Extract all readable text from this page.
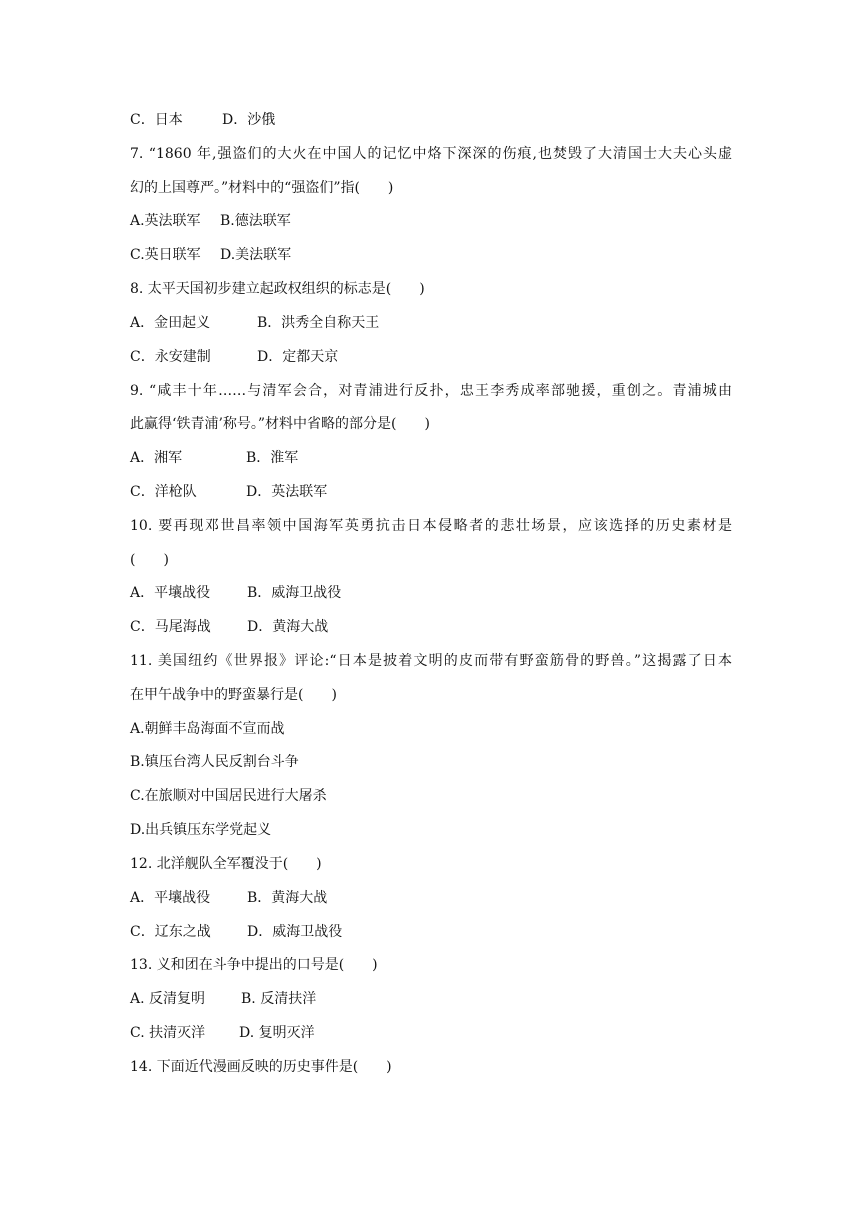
C．日本	D．沙俄
7. “1860 年,强盗们的大火在中国人的记忆中烙下深深的伤痕,也焚毁了大清国士大夫心头虚
幻的上国尊严。”材料中的“强盗们”指(　　)
A.英法联军 B.德法联军
C.英日联军 D.美法联军
8. 太平天国初步建立起政权组织的标志是(　　)
A．金田起义	B．洪秀全自称天王
C．永安建制	D．定都天京
9. “咸丰十年……与清军会合，对青浦进行反扑，忠王李秀成率部驰援，重创之。青浦城由
此赢得‘铁青浦’称号。”材料中省略的部分是(　　)
A．湘军	B．淮军
C．洋枪队	D．英法联军
10. 要再现邓世昌率领中国海军英勇抗击日本侵略者的悲壮场景，应该选择的历史素材是
(　　)
A．平壤战役	B．威海卫战役
C．马尾海战	D．黄海大战
11. 美国纽约《世界报》评论:“日本是披着文明的皮而带有野蛮筋骨的野兽。”这揭露了日本
在甲午战争中的野蛮暴行是(　　)
A.朝鲜丰岛海面不宣而战
B.镇压台湾人民反割台斗争
C.在旅顺对中国居民进行大屠杀
D.出兵镇压东学党起义
12. 北洋舰队全军覆没于(　　)
A．平壤战役	B．黄海大战
C．辽东之战	D．威海卫战役
13. 义和团在斗争中提出的口号是(　　)
A. 反清复明	B. 反清扶洋
C. 扶清灭洋 D. 复明灭洋
14. 下面近代漫画反映的历史事件是(　　)
